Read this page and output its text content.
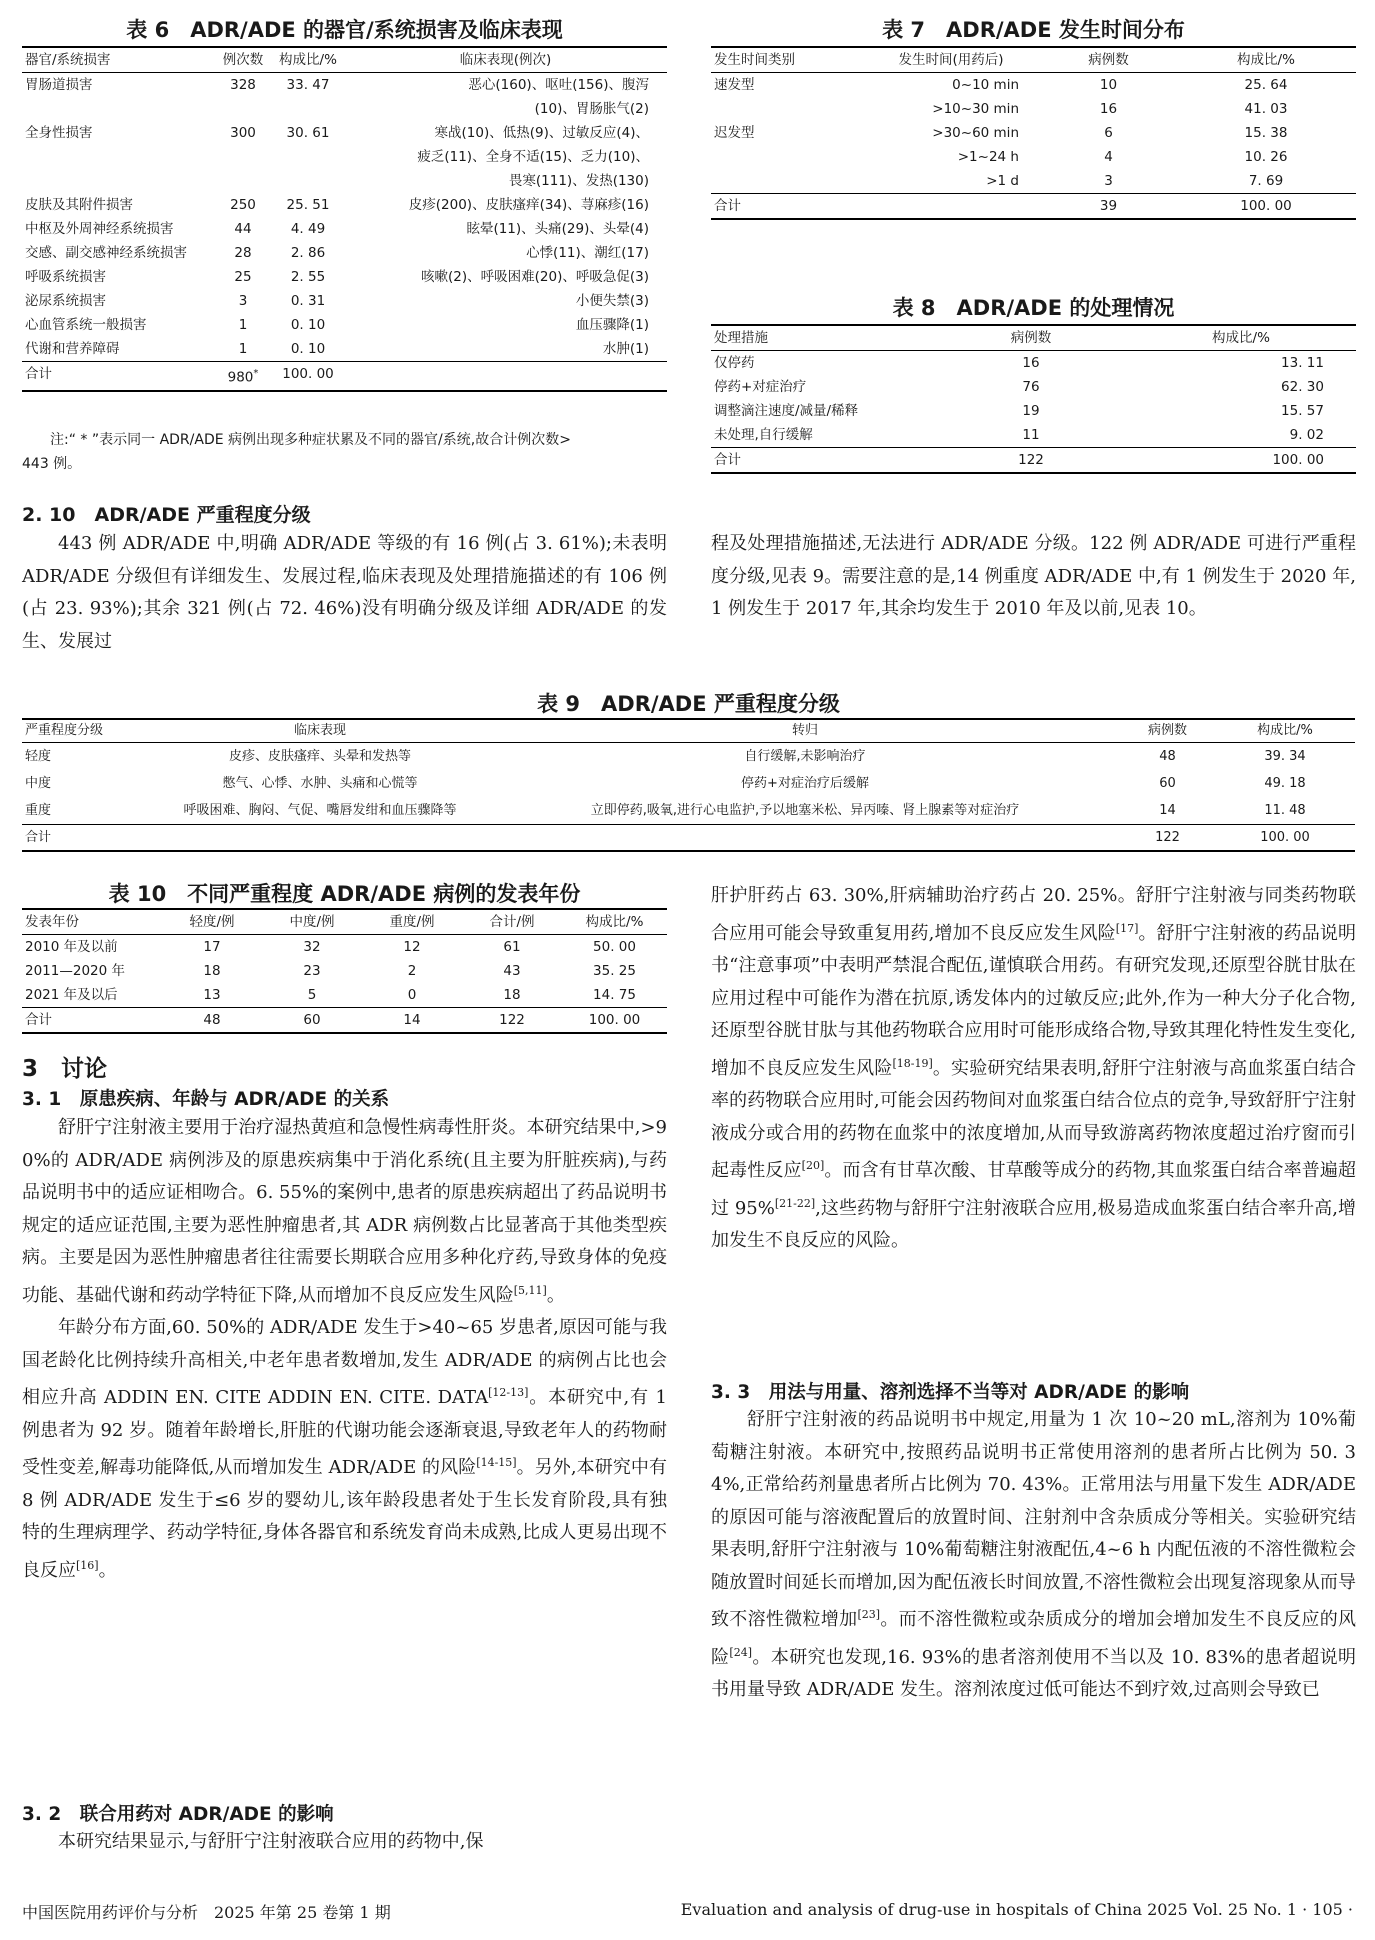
表 6　ADR/ADE 的器官/系统损害及临床表现
器官/系统损害	例次数	构成比/%	临床表现(例次)
胃肠道损害	328	33. 47	恶心(160)、呕吐(156)、腹泻
(10)、胃肠胀气(2)

全身性损害	300	30. 61	寒战(10)、低热(9)、过敏反应(4)、
疲乏(11)、全身不适(15)、乏力(10)、
畏寒(111)、发热(130)

皮肤及其附件损害	250	25. 51	皮疹(200)、皮肤瘙痒(34)、荨麻疹(16)

中枢及外周神经系统损害	44	4. 49	眩晕(11)、头痛(29)、头晕(4)

交感、副交感神经系统损害	28	2. 86	心悸(11)、潮红(17)

呼吸系统损害	25	2. 55	咳嗽(2)、呼吸困难(20)、呼吸急促(3)

泌尿系统损害	3	0. 31	小便失禁(3)

心血管系统一般损害	1	0. 10	血压骤降(1)

代谢和营养障碍	1	0. 10	水肿(1)

合计	980*	100. 00	
注:“ * ”表示同一 ADR/ADE 病例出现多种症状累及不同的器官/系统,故合计例次数>
443 例。
表 7　ADR/ADE 发生时间分布
发生时间类别	发生时间(用药后)	病例数	构成比/%
速发型	0~10 min	10	25. 64
	>10~30 min	16	41. 03
迟发型	>30~60 min	6	15. 38
	>1~24 h	4	10. 26
	>1 d	3	7. 69
合计		39	100. 00
表 8　ADR/ADE 的处理情况
处理措施	病例数	构成比/%
仅停药	16	13. 11
停药+对症治疗	76	62. 30
调整滴注速度/减量/稀释	19	15. 57
未处理,自行缓解	11	9. 02
合计	122	100. 00
2. 10　ADR/ADE 严重程度分级

443 例 ADR/ADE 中,明确 ADR/ADE 等级的有 16 例(占 3. 61%);未表明 ADR/ADE 分级但有详细发生、发展过程,临床表现及处理措施描述的有 106 例(占 23. 93%);其余 321 例(占 72. 46%)没有明确分级及详细 ADR/ADE 的发生、发展过

程及处理措施描述,无法进行 ADR/ADE 分级。122 例 ADR/ADE 可进行严重程度分级,见表 9。需要注意的是,14 例重度 ADR/ADE 中,有 1 例发生于 2020 年,1 例发生于 2017 年,其余均发生于 2010 年及以前,见表 10。

表 9　ADR/ADE 严重程度分级
严重程度分级	临床表现	转归	病例数	构成比/%
轻度	皮疹、皮肤瘙痒、头晕和发热等	自行缓解,未影响治疗	48	39. 34
中度	憋气、心悸、水肿、头痛和心慌等	停药+对症治疗后缓解	60	49. 18
重度	呼吸困难、胸闷、气促、嘴唇发绀和血压骤降等	立即停药,吸氧,进行心电监护,予以地塞米松、异丙嗪、肾上腺素等对症治疗	14	11. 48
合计			122	100. 00
表 10　不同严重程度 ADR/ADE 病例的发表年份
发表年份	轻度/例	中度/例	重度/例	合计/例	构成比/%
2010 年及以前	17	32	12	61	50. 00
2011—2020 年	18	23	2	43	35. 25
2021 年及以后	13	5	0	18	14. 75
合计	48	60	14	122	100. 00
3　讨论
3. 1　原患疾病、年龄与 ADR/ADE 的关系

舒肝宁注射液主要用于治疗湿热黄疸和急慢性病毒性肝炎。本研究结果中,>90%的 ADR/ADE 病例涉及的原患疾病集中于消化系统(且主要为肝脏疾病),与药品说明书中的适应证相吻合。6. 55%的案例中,患者的原患疾病超出了药品说明书规定的适应证范围,主要为恶性肿瘤患者,其 ADR 病例数占比显著高于其他类型疾病。主要是因为恶性肿瘤患者往往需要长期联合应用多种化疗药,导致身体的免疫功能、基础代谢和药动学特征下降,从而增加不良反应发生风险[5,11]。

年龄分布方面,60. 50%的 ADR/ADE 发生于>40~65 岁患者,原因可能与我国老龄化比例持续升高相关,中老年患者数增加,发生 ADR/ADE 的病例占比也会相应升高 ADDIN EN. CITE ADDIN EN. CITE. DATA[12-13]。本研究中,有 1 例患者为 92 岁。随着年龄增长,肝脏的代谢功能会逐渐衰退,导致老年人的药物耐受性变差,解毒功能降低,从而增加发生 ADR/ADE 的风险[14-15]。另外,本研究中有 8 例 ADR/ADE 发生于≤6 岁的婴幼儿,该年龄段患者处于生长发育阶段,具有独特的生理病理学、药动学特征,身体各器官和系统发育尚未成熟,比成人更易出现不良反应[16]。

3. 2　联合用药对 ADR/ADE 的影响

本研究结果显示,与舒肝宁注射液联合应用的药物中,保

肝护肝药占 63. 30%,肝病辅助治疗药占 20. 25%。舒肝宁注射液与同类药物联合应用可能会导致重复用药,增加不良反应发生风险[17]。舒肝宁注射液的药品说明书“注意事项”中表明严禁混合配伍,谨慎联合用药。有研究发现,还原型谷胱甘肽在应用过程中可能作为潜在抗原,诱发体内的过敏反应;此外,作为一种大分子化合物,还原型谷胱甘肽与其他药物联合应用时可能形成络合物,导致其理化特性发生变化,增加不良反应发生风险[18-19]。实验研究结果表明,舒肝宁注射液与高血浆蛋白结合率的药物联合应用时,可能会因药物间对血浆蛋白结合位点的竞争,导致舒肝宁注射液成分或合用的药物在血浆中的浓度增加,从而导致游离药物浓度超过治疗窗而引起毒性反应[20]。而含有甘草次酸、甘草酸等成分的药物,其血浆蛋白结合率普遍超过 95%[21-22],这些药物与舒肝宁注射液联合应用,极易造成血浆蛋白结合率升高,增加发生不良反应的风险。

3. 3　用法与用量、溶剂选择不当等对 ADR/ADE 的影响

舒肝宁注射液的药品说明书中规定,用量为 1 次 10~20 mL,溶剂为 10%葡萄糖注射液。本研究中,按照药品说明书正常使用溶剂的患者所占比例为 50. 34%,正常给药剂量患者所占比例为 70. 43%。正常用法与用量下发生 ADR/ADE 的原因可能与溶液配置后的放置时间、注射剂中含杂质成分等相关。实验研究结果表明,舒肝宁注射液与 10%葡萄糖注射液配伍,4~6 h 内配伍液的不溶性微粒会随放置时间延长而增加,因为配伍液长时间放置,不溶性微粒会出现复溶现象从而导致不溶性微粒增加[23]。而不溶性微粒或杂质成分的增加会增加发生不良反应的风险[24]。本研究也发现,16. 93%的患者溶剂使用不当以及 10. 83%的患者超说明书用量导致 ADR/ADE 发生。溶剂浓度过低可能达不到疗效,过高则会导致已

中国医院用药评价与分析　2025 年第 25 卷第 1 期	Evaluation and analysis of drug-use in hospitals of China 2025 Vol. 25 No. 1 · 105 ·
